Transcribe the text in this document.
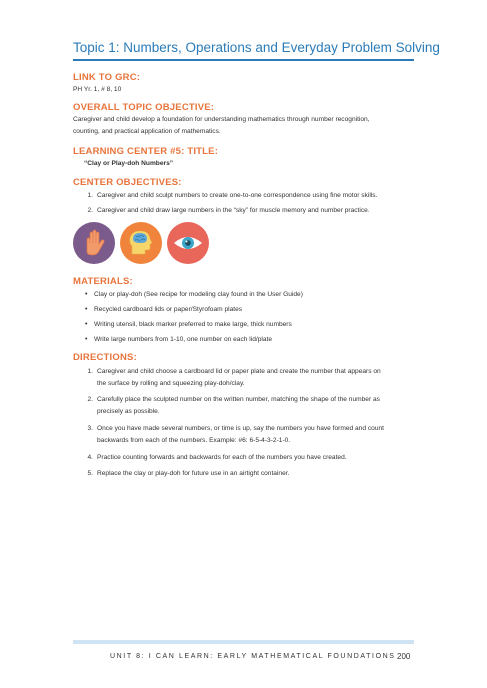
Topic 1: Numbers, Operations and Everyday Problem Solving
LINK TO GRC:
PH Yr. 1, # 8, 10
OVERALL TOPIC OBJECTIVE:
Caregiver and child develop a foundation for understanding mathematics through number recognition,
counting, and practical application of mathematics.
LEARNING CENTER #5: TITLE:
“Clay or Play-doh Numbers”
CENTER OBJECTIVES:
1. Caregiver and child sculpt numbers to create one-to-one correspondence using fine motor skills.
2. Caregiver and child draw large numbers in the “sky” for muscle memory and number practice.
MATERIALS:
• Clay or play-doh (See recipe for modeling clay found in the User Guide)
• Recycled cardboard lids or paper/Styrofoam plates
• Writing utensil, black marker preferred to make large, thick numbers
• Write large numbers from 1-10, one number on each lid/plate
DIRECTIONS:
1. Caregiver and child choose a cardboard lid or paper plate and create the number that appears on
the surface by rolling and squeezing play-doh/clay.
2. Carefully place the sculpted number on the written number, matching the shape of the number as
precisely as possible.
3. Once you have made several numbers, or time is up, say the numbers you have formed and count
backwards from each of the numbers. Example: #6: 6-5-4-3-2-1-0.
4. Practice counting forwards and backwards for each of the numbers you have created.
5. Replace the clay or play-doh for future use in an airtight container.
UNIT 8: I CAN LEARN: EARLY MATHEMATICAL FOUNDATIONS 200
